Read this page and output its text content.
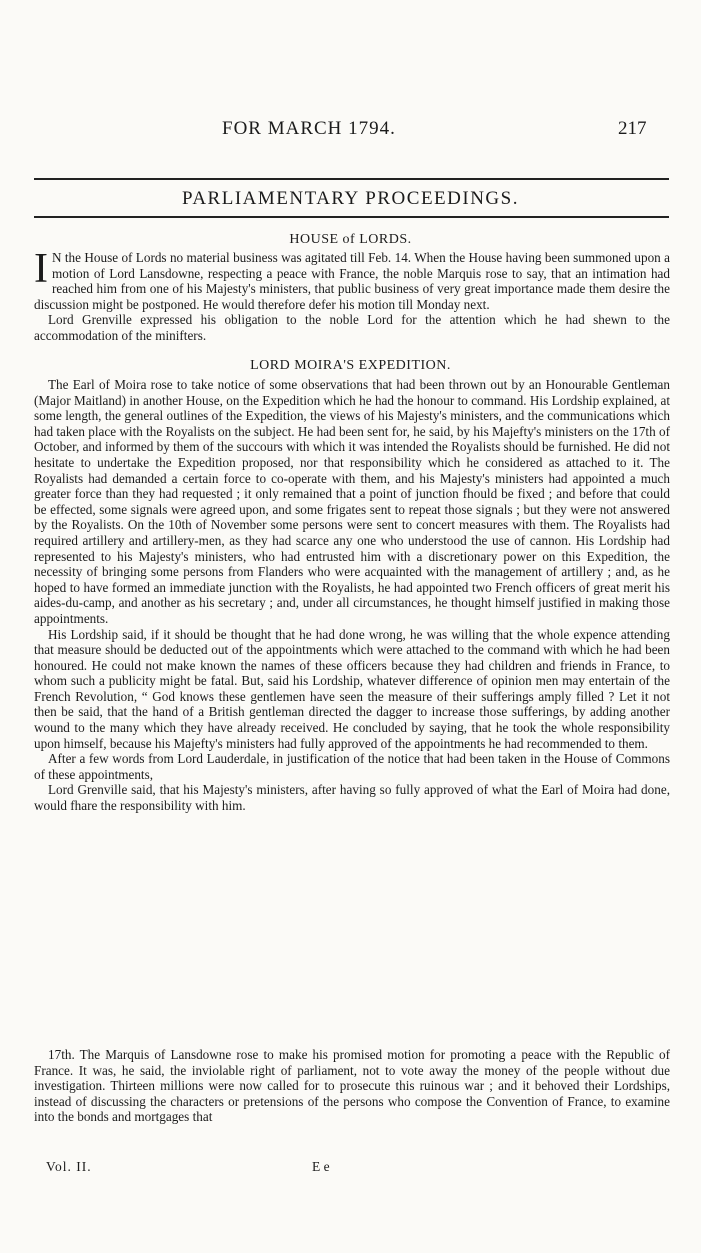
FOR MARCH 1794.	217
PARLIAMENTARY PROCEEDINGS.
HOUSE of LORDS.

I N the House of Lords no material business was agitated till Feb. 14. When the House having been summoned upon a motion of Lord Lansdowne, respecting a peace with France, the noble Marquis rose to say, that an intimation had reached him from one of his Majesty's ministers, that public business of very great importance made them desire the discussion might be postponed. He would therefore defer his motion till Monday next.

Lord Grenville expressed his obligation to the noble Lord for the attention which he had shewn to the accommodation of the minifters.

LORD MOIRA'S EXPEDITION.

The Earl of Moira rose to take notice of some observations that had been thrown out by an Honourable Gentleman (Major Maitland) in another House, on the Expedition which he had the honour to command. His Lordship explained, at some length, the general outlines of the Expedition, the views of his Majesty's ministers, and the communications which had taken place with the Royalists on the subject. He had been sent for, he said, by his Majefty's ministers on the 17th of October, and informed by them of the succours with which it was intended the Royalists should be furnished. He did not hesitate to undertake the Expedition proposed, nor that responsibility which he considered as attached to it. The Royalists had demanded a certain force to co-operate with them, and his Majesty's ministers had appointed a much greater force than they had requested ; it only remained that a point of junction fhould be fixed ; and before that could be effected, some signals were agreed upon, and some frigates sent to repeat those signals ; but they were not answered by the Royalists. On the 10th of November some persons were sent to concert measures with them. The Royalists had required artillery and artillery-men, as they had scarce any one who understood the use of cannon. His Lordship had represented to his Majesty's ministers, who had entrusted him with a discretionary power on this Expedition, the necessity of bringing some persons from Flanders who were acquainted with the management of artillery ; and, as he hoped to have formed an immediate junction with the Royalists, he had appointed two French officers of great merit his aides-du-camp, and another as his secretary ; and, under all circumstances, he thought himself justified in making those appointments.

His Lordship said, if it should be thought that he had done wrong, he was willing that the whole expence attending that measure should be deducted out of the appointments which were attached to the command with which he had been honoured. He could not make known the names of these officers because they had children and friends in France, to whom such a publicity might be fatal. But, said his Lordship, whatever difference of opinion men may entertain of the French Revolution, “ God knows these gentlemen have seen the measure of their sufferings amply filled ? Let it not then be said, that the hand of a British gentleman directed the dagger to increase those sufferings, by adding another wound to the many which they have already received. He concluded by saying, that he took the whole responsibility upon himself, because his Majefty's ministers had fully approved of the appointments he had recommended to them.

After a few words from Lord Lauderdale, in justification of the notice that had been taken in the House of Commons of these appointments,

Lord Grenville said, that his Majesty's ministers, after having so fully approved of what the Earl of Moira had done, would fhare the responsibility with him.

17th. The Marquis of Lansdowne rose to make his promised motion for promoting a peace with the Republic of France. It was, he said, the inviolable right of parliament, not to vote away the money of the people without due investigation. Thirteen millions were now called for to prosecute this ruinous war ; and it behoved their Lordships, instead of discussing the characters or pretensions of the persons who compose the Convention of France, to examine into the bonds and mortgages that

Vol. II.	E e
